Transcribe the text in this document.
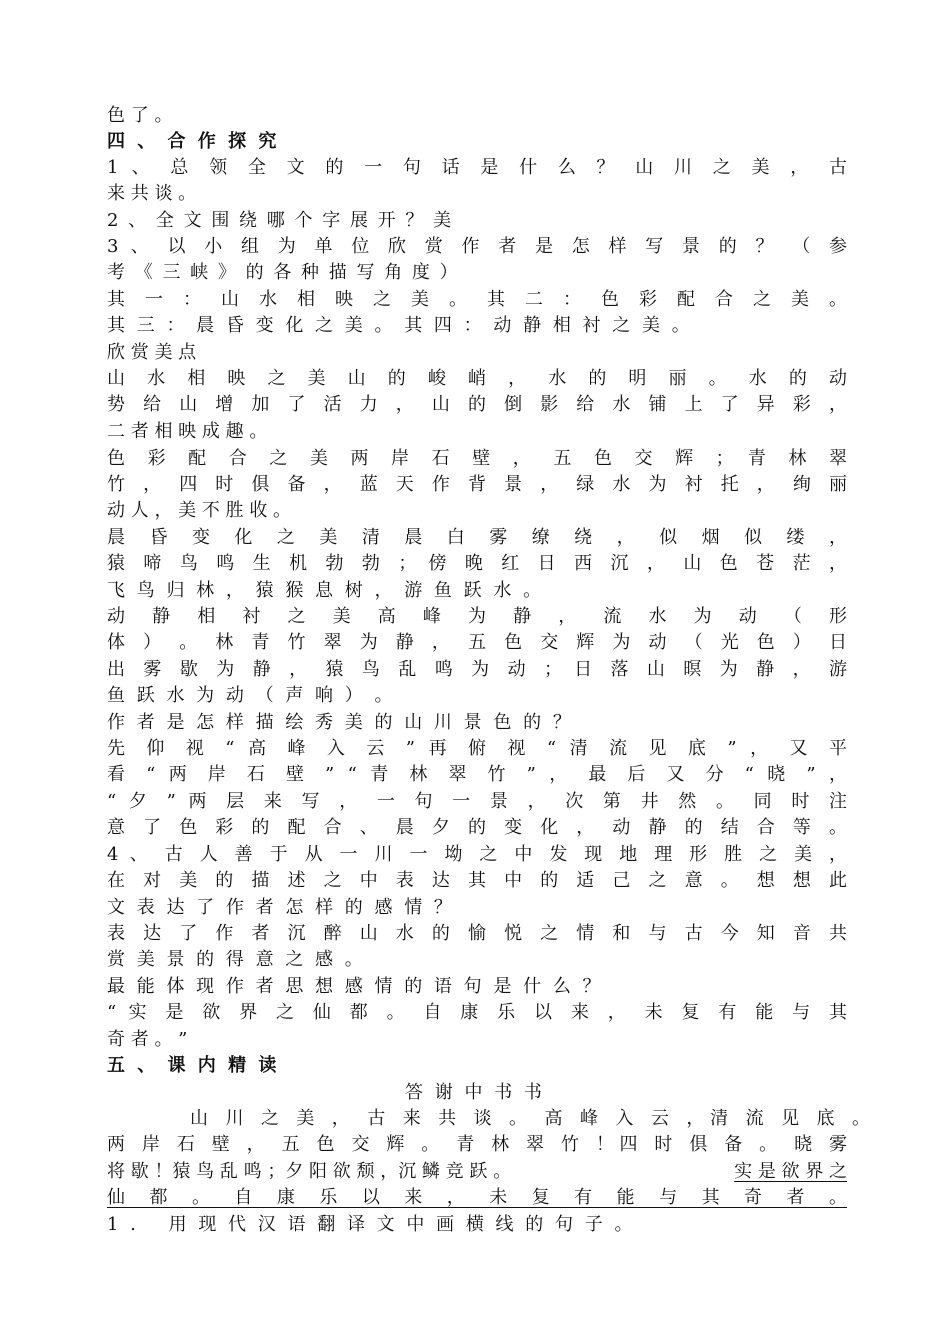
色 了 。
四 、 合 作 探 究
1 、 总 领 全 文 的 一 句 话 是 什 么 ？ 山 川 之 美 ， 古
来 共 谈 。
2 、 全 文 围 绕 哪 个 字 展 开 ？ 美
3 、 以 小 组 为 单 位 欣 赏 作 者 是 怎 样 写 景 的 ？ （ 参
考 《 三 峡 》 的 各 种 描 写 角 度 ）
其 一 ： 山 水 相 映 之 美 。 其 二 ： 色 彩 配 合 之 美 。
其 三 ： 晨 昏 变 化 之 美 。 其 四 ： 动 静 相 衬 之 美 。
欣 赏 美 点
山 水 相 映 之 美 山 的 峻 峭 ， 水 的 明 丽 。 水 的 动
势 给 山 增 加 了 活 力 ， 山 的 倒 影 给 水 铺 上 了 异 彩 ，
二 者 相 映 成 趣 。
色 彩 配 合 之 美 两 岸 石 壁 ， 五 色 交 辉 ； 青 林 翠
竹 ， 四 时 俱 备 ， 蓝 天 作 背 景 ， 绿 水 为 衬 托 ， 绚 丽
动 人 ， 美 不 胜 收 。
晨 昏 变 化 之 美 清 晨 白 雾 缭 绕 ， 似 烟 似 缕 ，
猿 啼 鸟 鸣 生 机 勃 勃 ； 傍 晚 红 日 西 沉 ， 山 色 苍 茫 ，
飞 鸟 归 林 ， 猿 猴 息 树 ， 游 鱼 跃 水 。
动 静 相 衬 之 美 高 峰 为 静 ， 流 水 为 动 （ 形
体 ） 。 林 青 竹 翠 为 静 ， 五 色 交 辉 为 动 （ 光 色 ） 日
出 雾 歇 为 静 ， 猿 鸟 乱 鸣 为 动 ； 日 落 山 暝 为 静 ， 游
鱼 跃 水 为 动 （ 声 响 ） 。
作 者 是 怎 样 描 绘 秀 美 的 山 川 景 色 的 ？
先 仰 视 “ 高 峰 入 云 ” 再 俯 视 “ 清 流 见 底 ” ， 又 平
看 “ 两 岸 石 壁 ” “ 青 林 翠 竹 ” ， 最 后 又 分 “ 晓 ” ，
“ 夕 ” 两 层 来 写 ， 一 句 一 景 ， 次 第 井 然 。 同 时 注
意 了 色 彩 的 配 合 、 晨 夕 的 变 化 ， 动 静 的 结 合 等 。
4 、 古 人 善 于 从 一 川 一 坳 之 中 发 现 地 理 形 胜 之 美 ，
在 对 美 的 描 述 之 中 表 达 其 中 的 适 己 之 意 。 想 想 此
文 表 达 了 作 者 怎 样 的 感 情 ？
表 达 了 作 者 沉 醉 山 水 的 愉 悦 之 情 和 与 古 今 知 音 共
赏 美 景 的 得 意 之 感 。
最 能 体 现 作 者 思 想 感 情 的 语 句 是 什 么 ？
“ 实 是 欲 界 之 仙 都 。 自 康 乐 以 来 ， 未 复 有 能 与 其
奇 者 。 ”
五 、 课 内 精 读
答 谢 中 书 书
山 川 之 美 ， 古 来 共 谈 。 高 峰 入 云 ，清 流 见 底 。
两 岸 石 壁 ， 五 色 交 辉 。 青 林 翠 竹 ！四 时 俱 备 。 晓 雾
将 歇 ！猿 鸟 乱 鸣 ；夕 阳 欲 颓 ，沉 鳞 竞 跃 。	实 是 欲 界 之
仙 都 。 自 康 乐 以 来 ， 未 复 有 能 与 其 奇 者 。
1 .　 用 现 代 汉 语 翻 译 文 中 画 横 线 的 句 子 。
